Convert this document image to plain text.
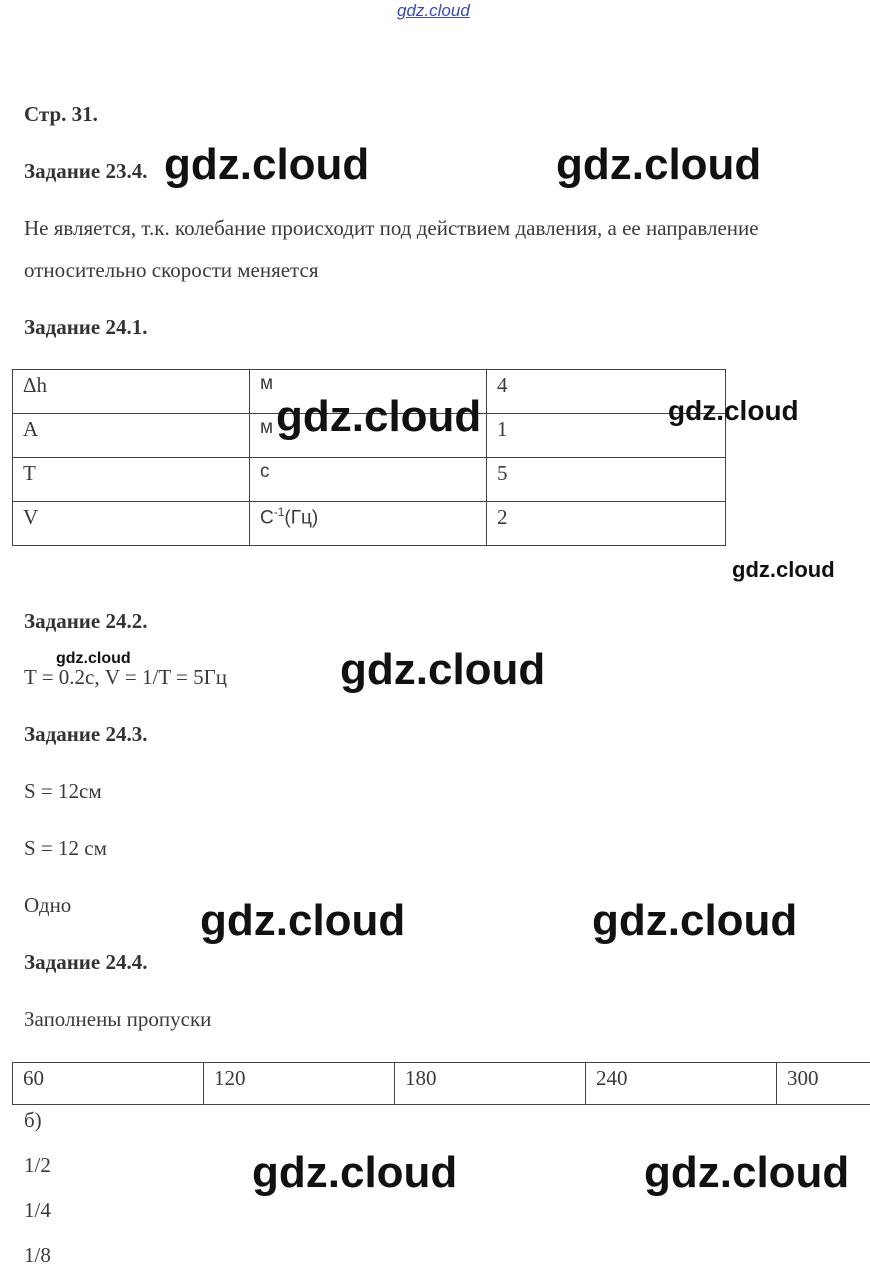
gdz.cloud
Стр. 31.
Задание 23.4.
Не является, т.к. колебание происходит под действием давления, а ее направление
относительно скорости меняется
Задание 24.1.
Δh	м	4
A	м	1
T	с	5
V	$С^{-1}(Гц)$	2
Задание 24.2.
T = 0.2с, V = 1/T = 5Гц
Задание 24.3.
S = 12см
S = 12 см
Одно
Задание 24.4.
Заполнены пропуски
60	120	180	240	300
б)
1/2
1/4
1/8
gdz.cloud	gdz.cloud
gdz.cloud	gdz.cloud
gdz.cloud
gdz.cloud	gdz.cloud
gdz.cloud	gdz.cloud
gdz.cloud	gdz.cloud
